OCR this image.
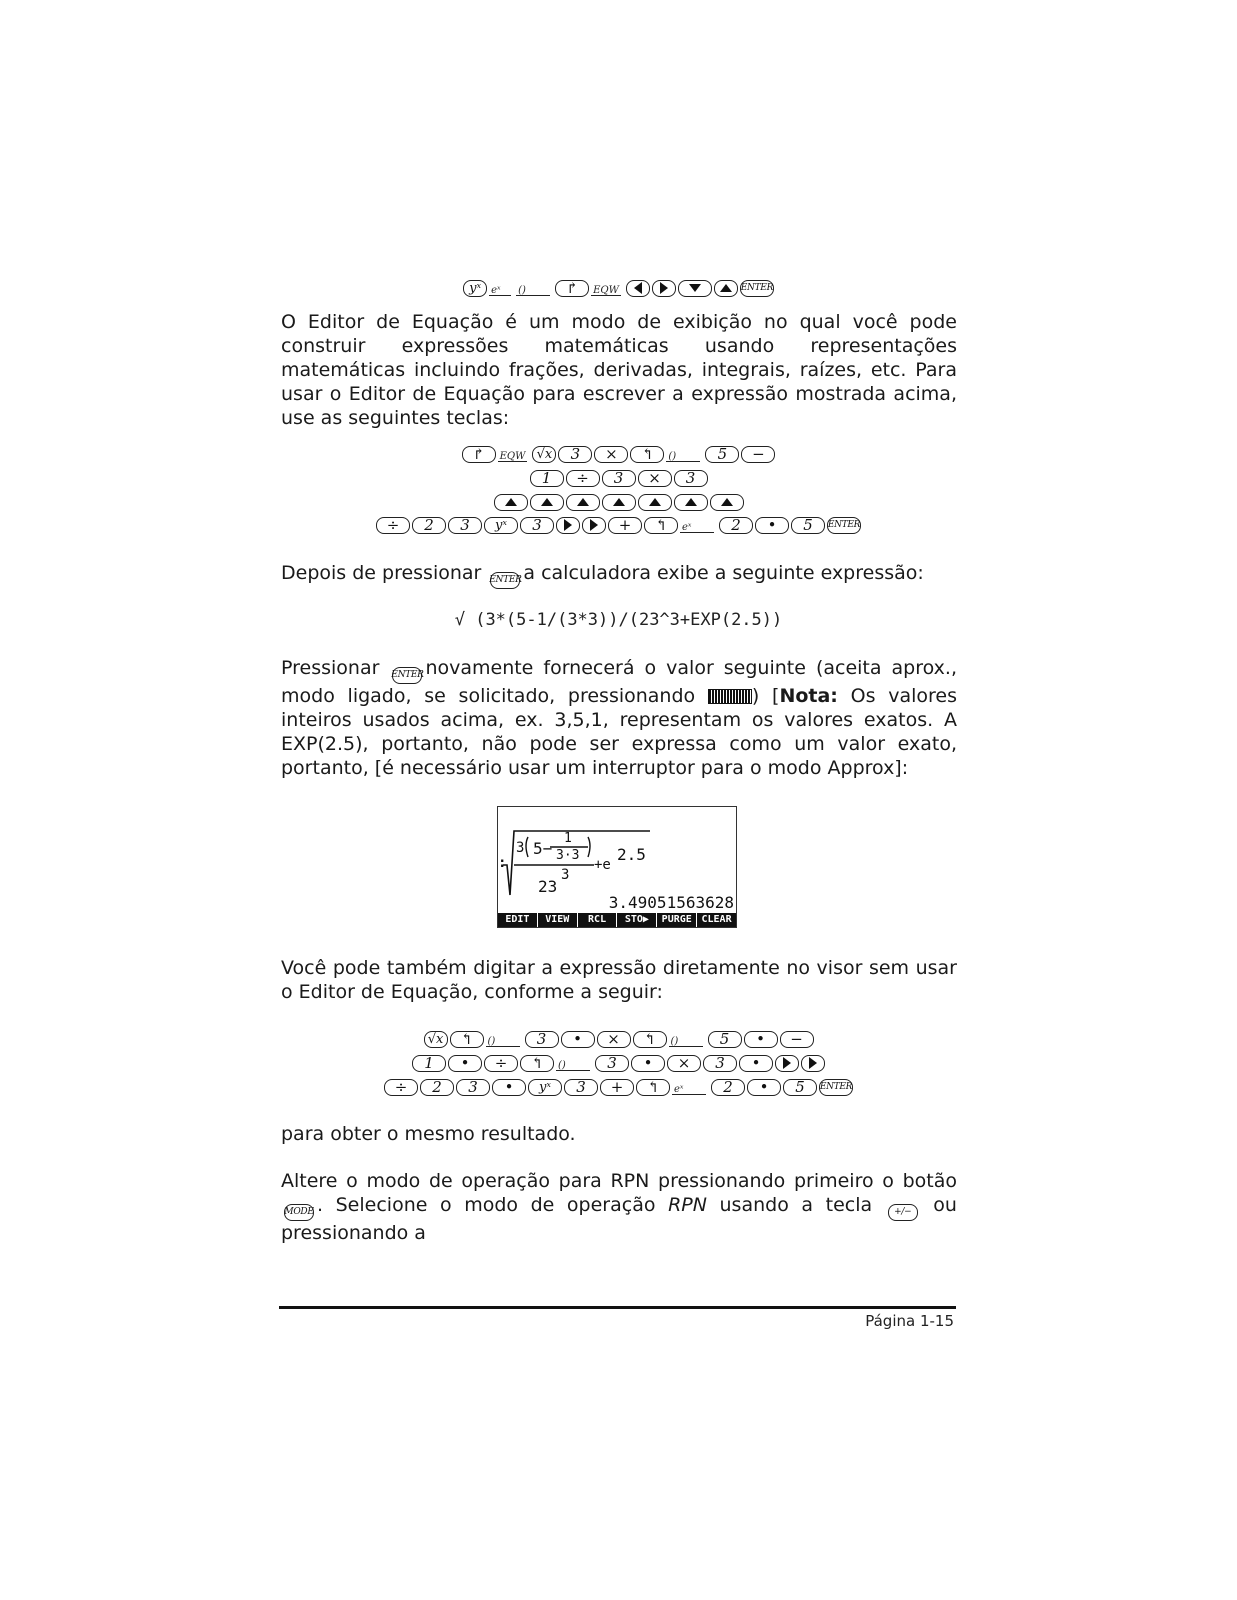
yˣ	eˣ	()	↱	EQW	ENTER

O Editor de Equação é um modo de exibição no qual você pode construir expressões matemáticas usando representações matemáticas incluindo frações, derivadas, integrais, raízes, etc. Para usar o Editor de Equação para escrever a expressão mostrada acima, use as seguintes teclas:

↱	EQW √x	3	×	↰	()	5	−
1	÷	3	×	3
÷	2	3	yˣ	3	+	↰	eˣ	2	•	5	ENTER

Depois de pressionar ENTERa calculadora exibe a seguinte expressão:

√ (3*(5-1/(3*3))/(23^3+EXP(2.5))

Pressionar ENTERnovamente fornecerá o valor seguinte (aceita aprox., modo ligado, se solicitado, pressionando	) [Nota: Os valores inteiros usados acima, ex. 3,5,1, representam os valores exatos. A EXP(2.5), portanto, não pode ser expressa como um valor exato, portanto, [é necessário usar um interruptor para o modo Approx]:

:
3 5−
1
3·3
+e
2.5
23
3
3.49051563628
EDIT	VIEW	RCL	STO▶	PURGE CLEAR

Você pode também digitar a expressão diretamente no visor sem usar o Editor de Equação, conforme a seguir:

√x	↰	()	3	•	×	↰	()	5	•	−
1	•	÷	↰	()	3	•	×	3	•
÷	2	3	•	yˣ	3	+	↰	eˣ	2	•	5	ENTER

para obter o mesmo resultado.

Altere o modo de operação para RPN pressionando primeiro o botão MODE . Selecione o modo de operação RPN usando a tecla +/− ou pressionando a

Página 1-15
